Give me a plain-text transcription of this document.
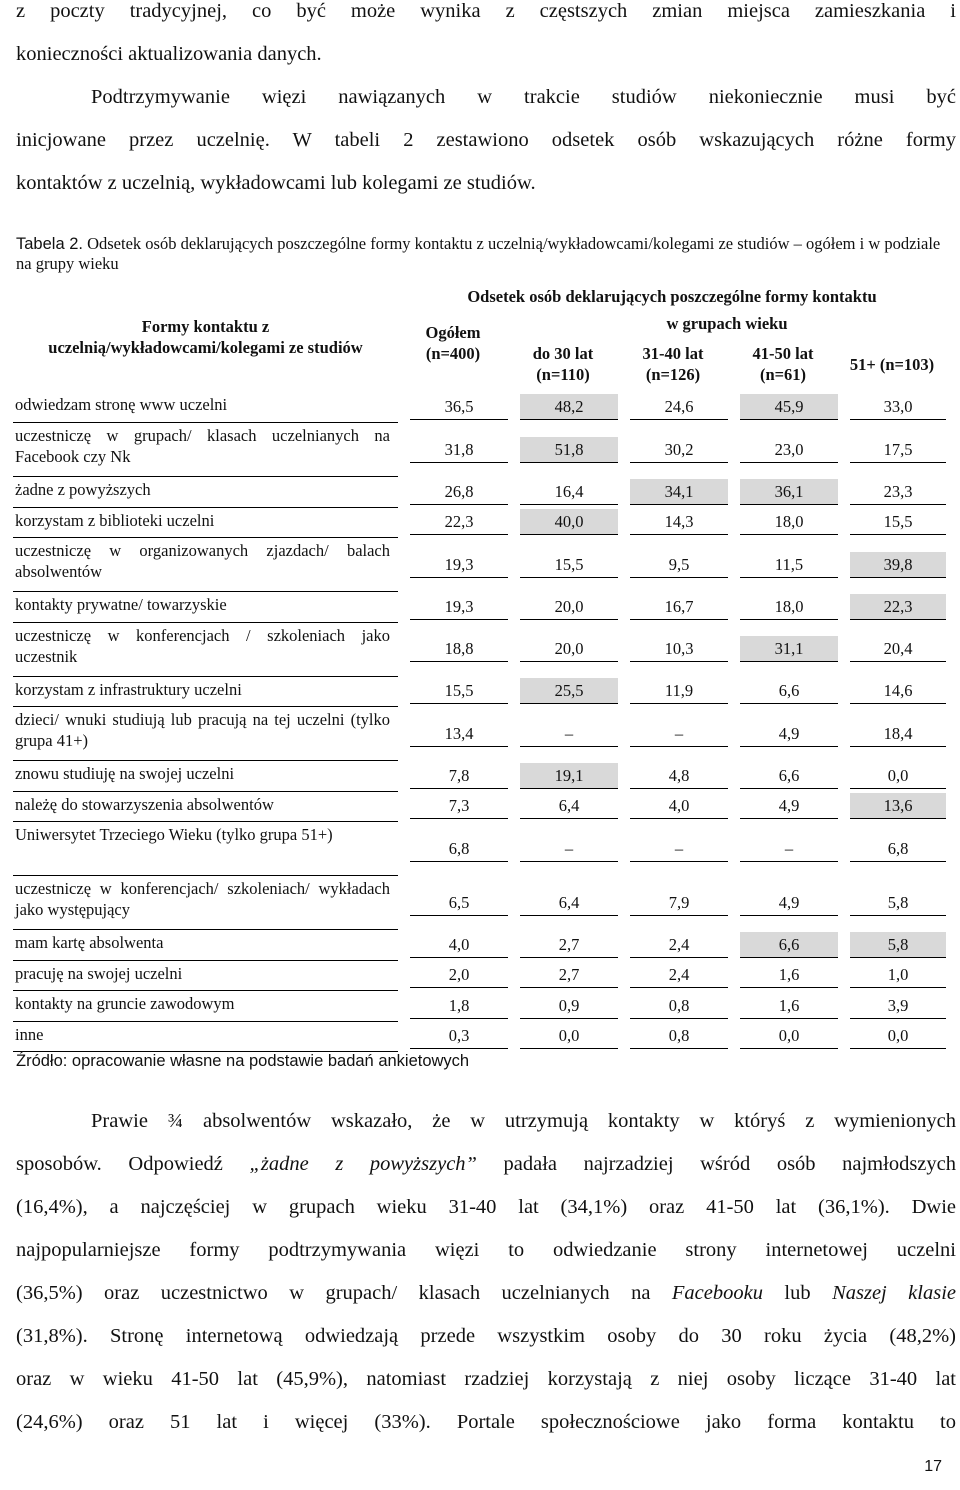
z poczty tradycyjnej, co być może wynika z częstszych zmian miejsca zamieszkania i
konieczności aktualizowania danych.
Podtrzymywanie więzi nawiązanych w trakcie studiów niekoniecznie musi być
inicjowane przez uczelnię. W tabeli 2 zestawiono odsetek osób wskazujących różne formy
kontaktów z uczelnią, wykładowcami lub kolegami ze studiów.
Tabela 2. Odsetek osób deklarujących poszczególne formy kontaktu z uczelnią/wykładowcami/kolegami ze studiów – ogółem i w podziale na grupy wieku
Formy kontaktu z uczelnią/wykładowcami/kolegami ze studiów	Odsetek osób deklarujących poszczególne formy kontaktu				
	Ogółem (n=400)	w grupach wieku			
		do 30 lat (n=110)	31-40 lat (n=126)	41-50 lat (n=61)	51+ (n=103)
odwiedzam stronę www uczelni	36,5	48,2	24,6	45,9	33,0
uczestniczę w grupach/ klasach uczelnianych na Facebook czy Nk	31,8	51,8	30,2	23,0	17,5
żadne z powyższych	26,8	16,4	34,1	36,1	23,3
korzystam z biblioteki uczelni	22,3	40,0	14,3	18,0	15,5
uczestniczę w organizowanych zjazdach/ balach absolwentów	19,3	15,5	9,5	11,5	39,8
kontakty prywatne/ towarzyskie	19,3	20,0	16,7	18,0	22,3
uczestniczę w konferencjach / szkoleniach jako uczestnik	18,8	20,0	10,3	31,1	20,4
korzystam z infrastruktury uczelni	15,5	25,5	11,9	6,6	14,6
dzieci/ wnuki studiują lub pracują na tej uczelni (tylko grupa 41+)	13,4	–	–	4,9	18,4
znowu studiuję na swojej uczelni	7,8	19,1	4,8	6,6	0,0
należę do stowarzyszenia absolwentów	7,3	6,4	4,0	4,9	13,6
Uniwersytet Trzeciego Wieku (tylko grupa 51+)	6,8	–	–	–	6,8
uczestniczę w konferencjach/ szkoleniach/ wykładach jako występujący	6,5	6,4	7,9	4,9	5,8
mam kartę absolwenta	4,0	2,7	2,4	6,6	5,8
pracuję na swojej uczelni	2,0	2,7	2,4	1,6	1,0
kontakty na gruncie zawodowym	1,8	0,9	0,8	1,6	3,9
inne	0,3	0,0	0,8	0,0	0,0
Źródło: opracowanie własne na podstawie badań ankietowych
Prawie ¾ absolwentów wskazało, że w utrzymują kontakty w któryś z wymienionych
sposobów. Odpowiedź „żadne z powyższych” padała najrzadziej wśród osób najmłodszych
(16,4%), a najczęściej w grupach wieku 31-40 lat (34,1%) oraz 41-50 lat (36,1%). Dwie
najpopularniejsze formy podtrzymywania więzi to odwiedzanie strony internetowej uczelni
(36,5%) oraz uczestnictwo w grupach/ klasach uczelnianych na Facebooku lub Naszej klasie
(31,8%). Stronę internetową odwiedzają przede wszystkim osoby do 30 roku życia (48,2%)
oraz w wieku 41-50 lat (45,9%), natomiast rzadziej korzystają z niej osoby liczące 31-40 lat
(24,6%) oraz 51 lat i więcej (33%). Portale społecznościowe jako forma kontaktu to
17
